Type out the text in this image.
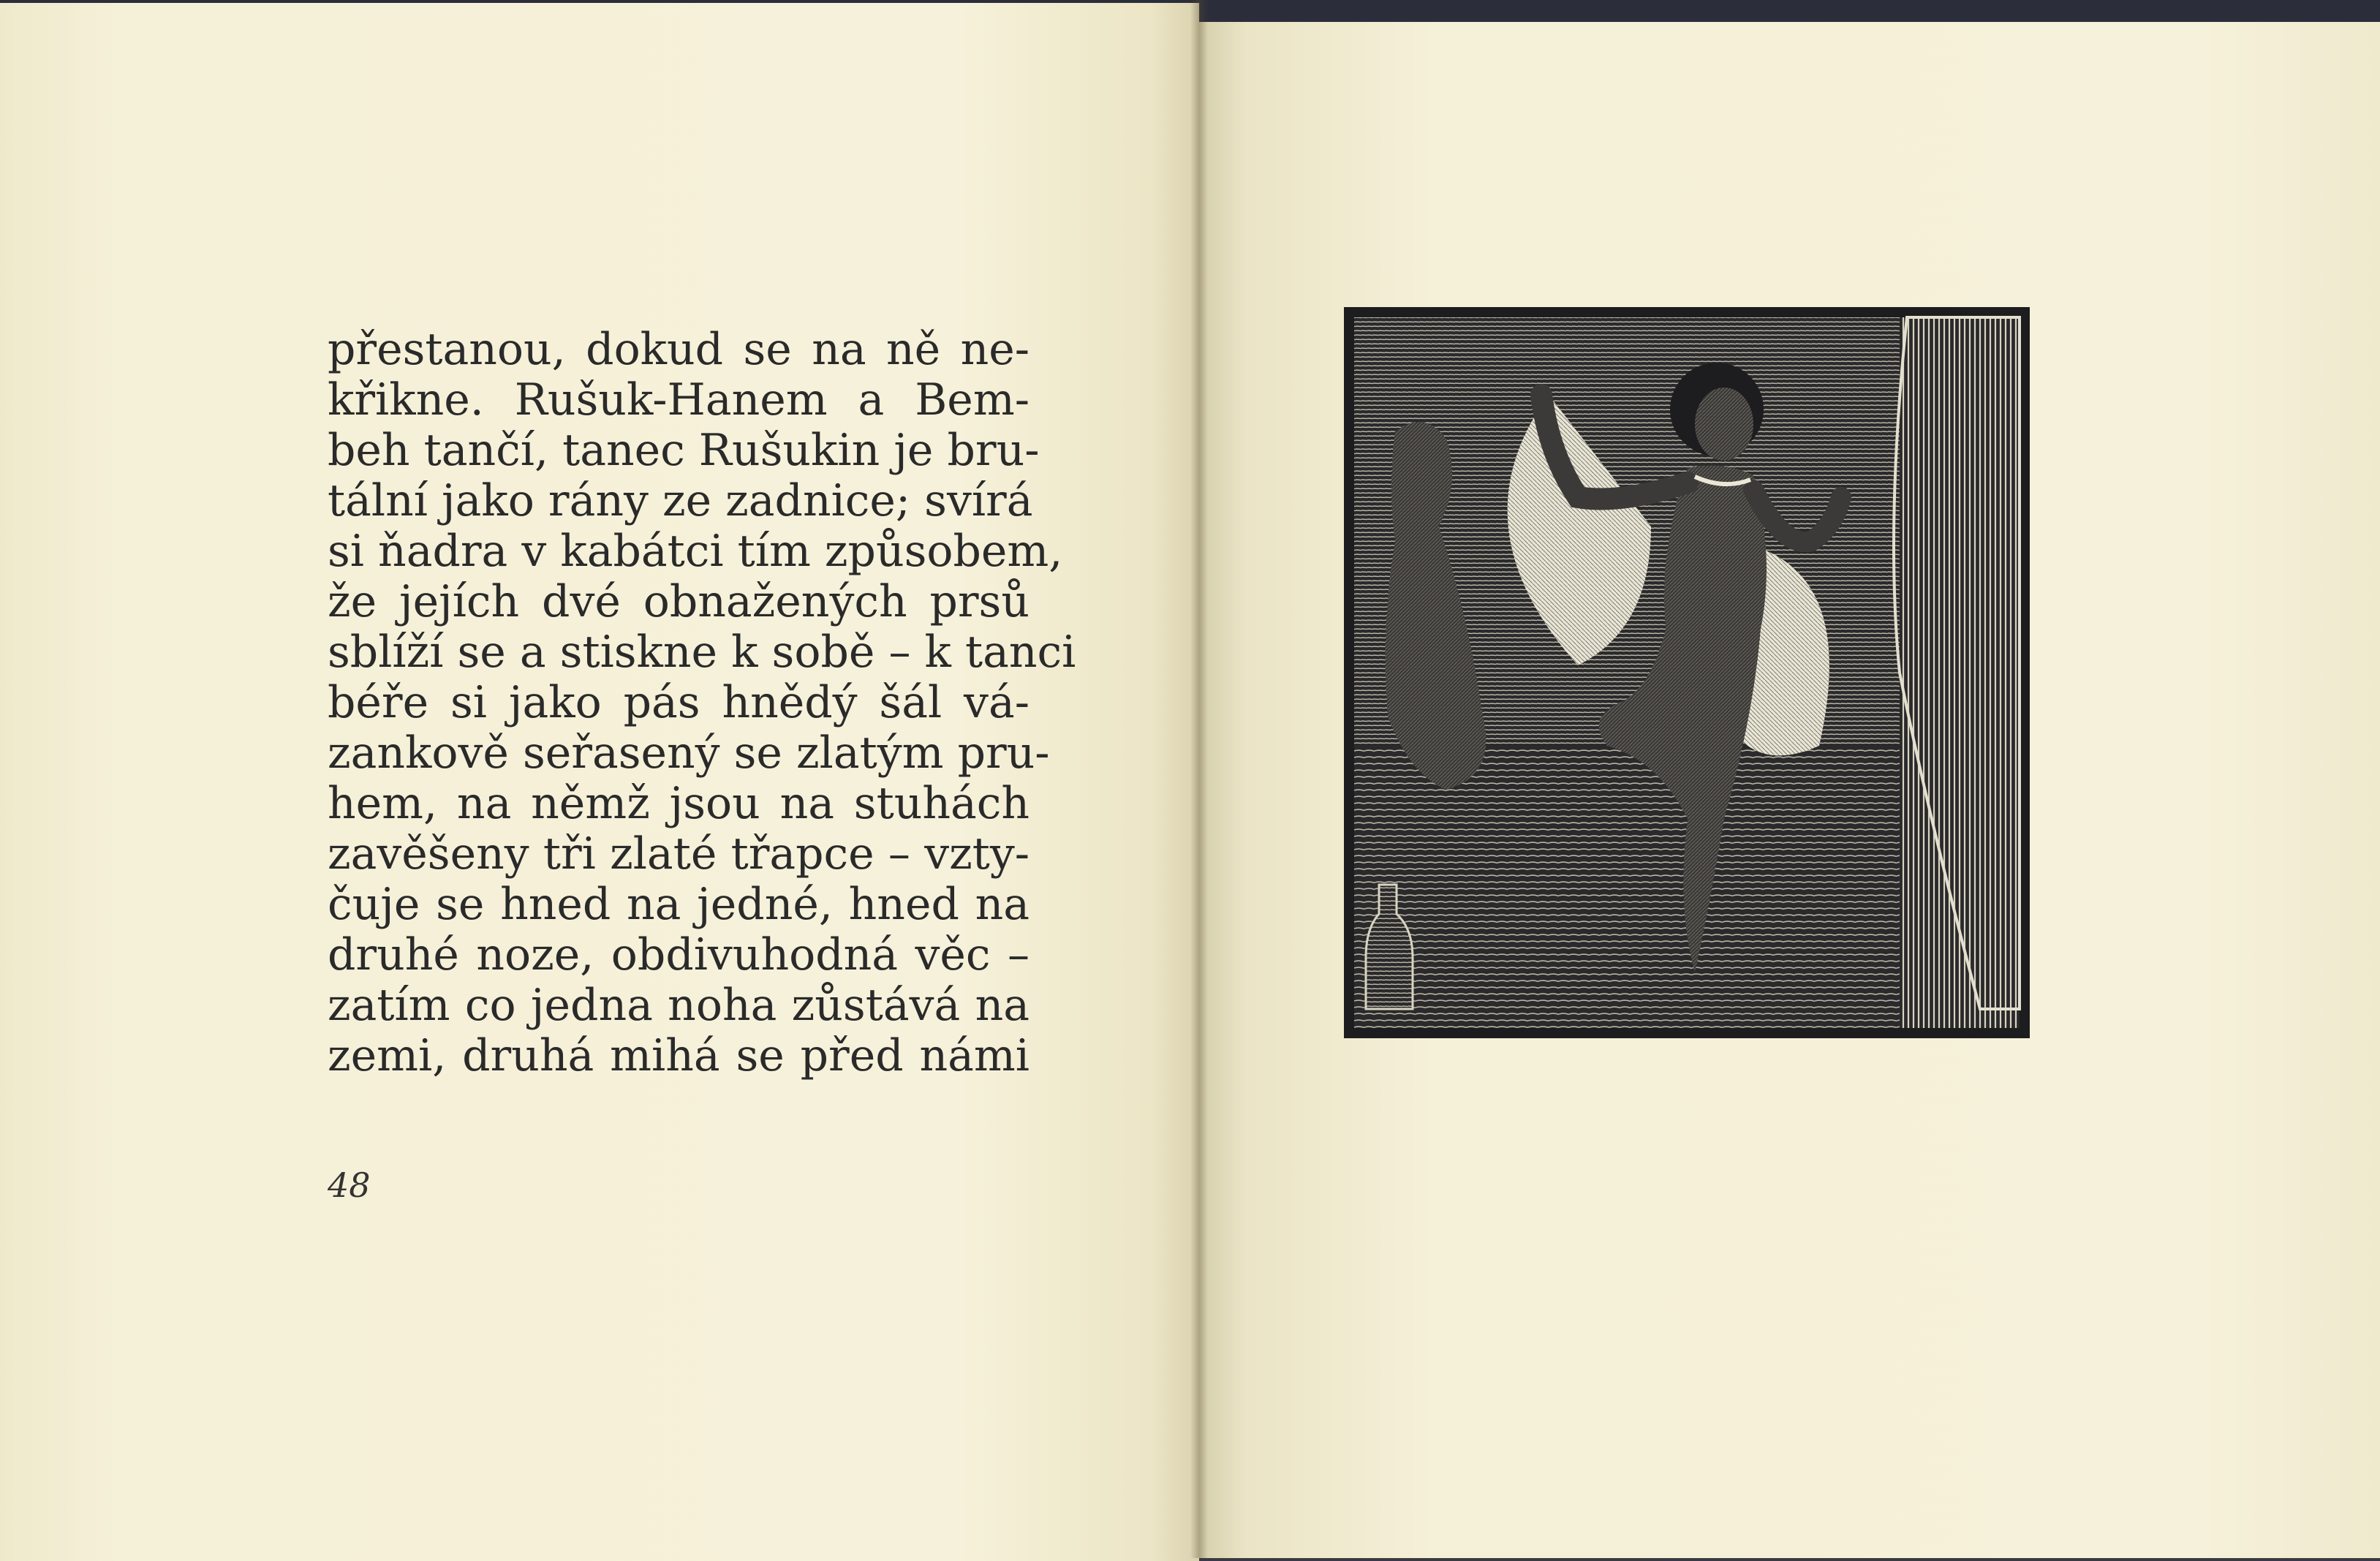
přestanou, dokud se na ně ne-
křikne. Rušuk-Hanem a Bem-
beh tančí, tanec Rušukin je bru-
tální jako rány ze zadnice; svírá
si ňadra v kabátci tím způsobem,
že jejích dvé obnažených prsů
sblíží se a stiskne k sobě – k tanci
béře si jako pás hnědý šál vá-
zankově seřasený se zlatým pru-
hem, na němž jsou na stuhách
zavěšeny tři zlaté třapce – vzty-
čuje se hned na jedné, hned na
druhé noze, obdivuhodná věc –
zatím co jedna noha zůstává na
zemi, druhá mihá se před námi
48
